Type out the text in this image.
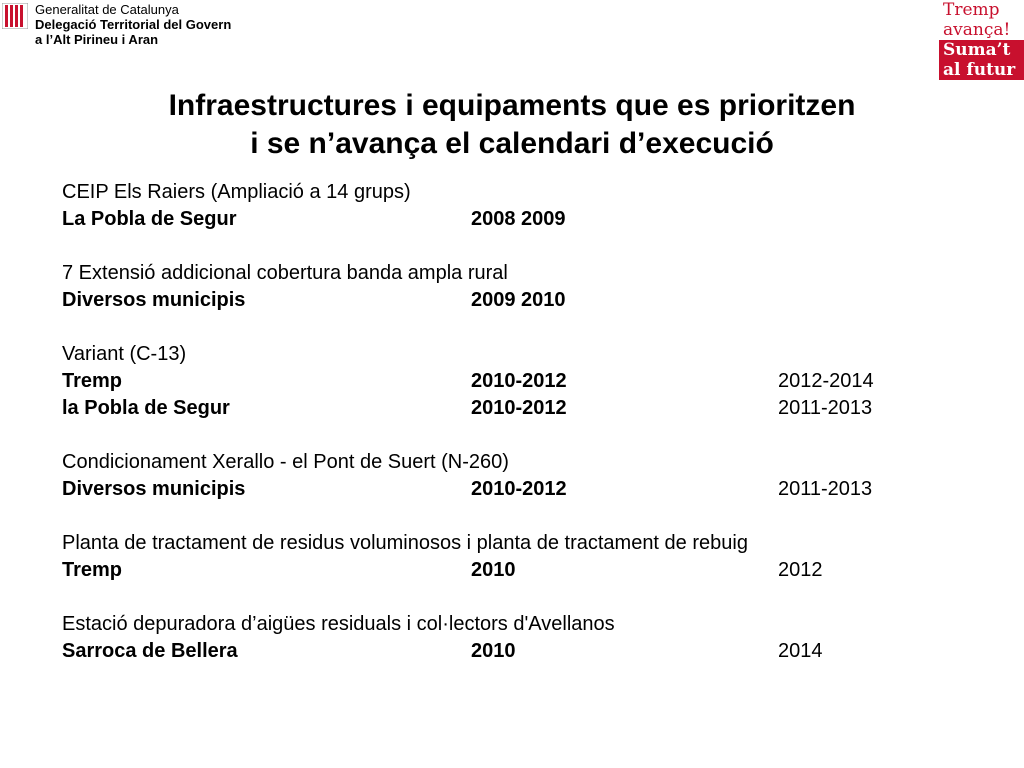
Generalitat de Catalunya
Delegació Territorial del Govern
a l’Alt Pirineu i Aran
Tremp
avança!
Suma’t
al futur
Infraestructures i equipaments que es prioritzen
i se n’avança el calendari d’execució
CEIP Els Raiers (Ampliació a 14 grups)
La Pobla de Segur	2008 2009
7 Extensió addicional cobertura banda ampla rural
Diversos municipis	2009 2010
Variant (C-13)
Tremp	2010-2012	2012-2014
la Pobla de Segur	2010-2012	2011-2013
Condicionament Xerallo - el Pont de Suert (N-260)
Diversos municipis	2010-2012	2011-2013
Planta de tractament de residus voluminosos i planta de tractament de rebuig
Tremp	2010	2012
Estació depuradora d’aigües residuals i col·lectors d'Avellanos
Sarroca de Bellera	2010	2014
